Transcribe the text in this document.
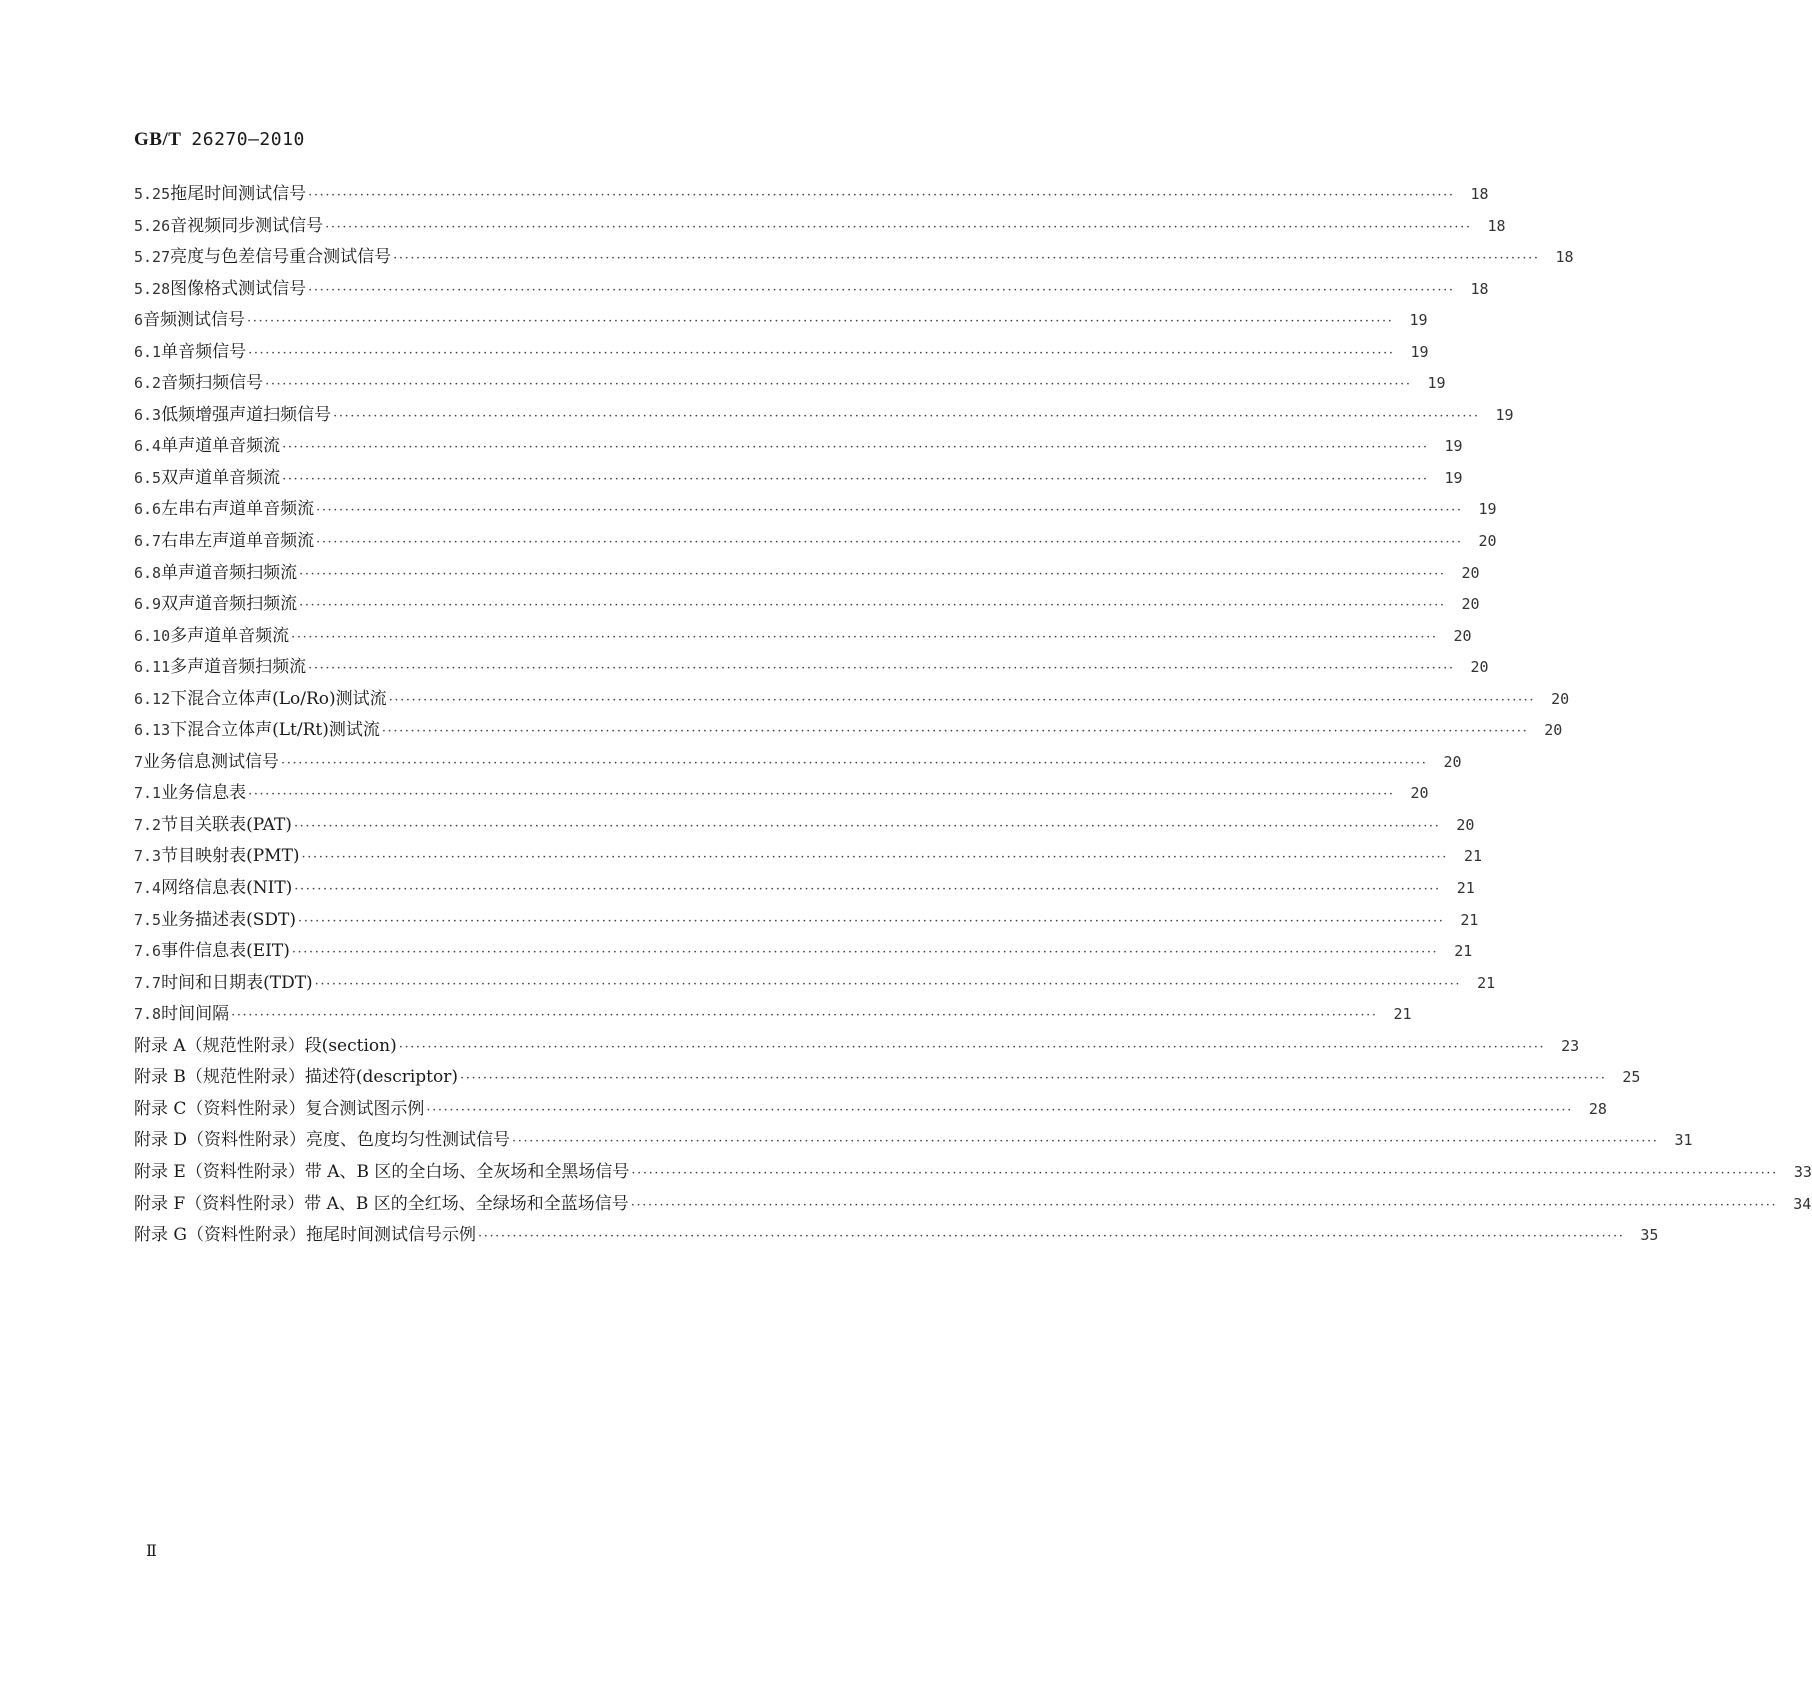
GB/T 26270—2010
5.25 拖尾时间测试信号 ········································································································································································································	18
5.26 音视频同步测试信号 ········································································································································································································	18
5.27 亮度与色差信号重合测试信号 ········································································································································································································	18
5.28 图像格式测试信号 ········································································································································································································	18
6 音频测试信号 ········································································································································································································	19
6.1 单音频信号 ········································································································································································································	19
6.2 音频扫频信号 ········································································································································································································	19
6.3 低频增强声道扫频信号 ········································································································································································································	19
6.4 单声道单音频流 ········································································································································································································	19
6.5 双声道单音频流 ········································································································································································································	19
6.6 左串右声道单音频流 ········································································································································································································	19
6.7 右串左声道单音频流 ········································································································································································································	20
6.8 单声道音频扫频流 ········································································································································································································	20
6.9 双声道音频扫频流 ········································································································································································································	20
6.10 多声道单音频流 ········································································································································································································	20
6.11 多声道音频扫频流 ········································································································································································································	20
6.12 下混合立体声(Lo/Ro)测试流 ········································································································································································································	20
6.13 下混合立体声(Lt/Rt)测试流 ········································································································································································································	20
7 业务信息测试信号 ········································································································································································································	20
7.1 业务信息表 ········································································································································································································	20
7.2 节目关联表(PAT) ········································································································································································································	20
7.3 节目映射表(PMT) ········································································································································································································	21
7.4 网络信息表(NIT) ········································································································································································································	21
7.5 业务描述表(SDT) ········································································································································································································	21
7.6 事件信息表(EIT) ········································································································································································································	21
7.7 时间和日期表(TDT) ········································································································································································································	21
7.8 时间间隔 ········································································································································································································	21
附录 A（规范性附录） 段(section) ········································································································································································································	23
附录 B（规范性附录） 描述符(descriptor) ········································································································································································································	25
附录 C（资料性附录） 复合测试图示例 ········································································································································································································	28
附录 D（资料性附录） 亮度、色度均匀性测试信号 ········································································································································································································	31
附录 E（资料性附录） 带 A、B 区的全白场、全灰场和全黑场信号 ········································································································································································································	33
附录 F（资料性附录） 带 A、B 区的全红场、全绿场和全蓝场信号 ········································································································································································································	34
附录 G（资料性附录） 拖尾时间测试信号示例 ········································································································································································································	35
Ⅱ
